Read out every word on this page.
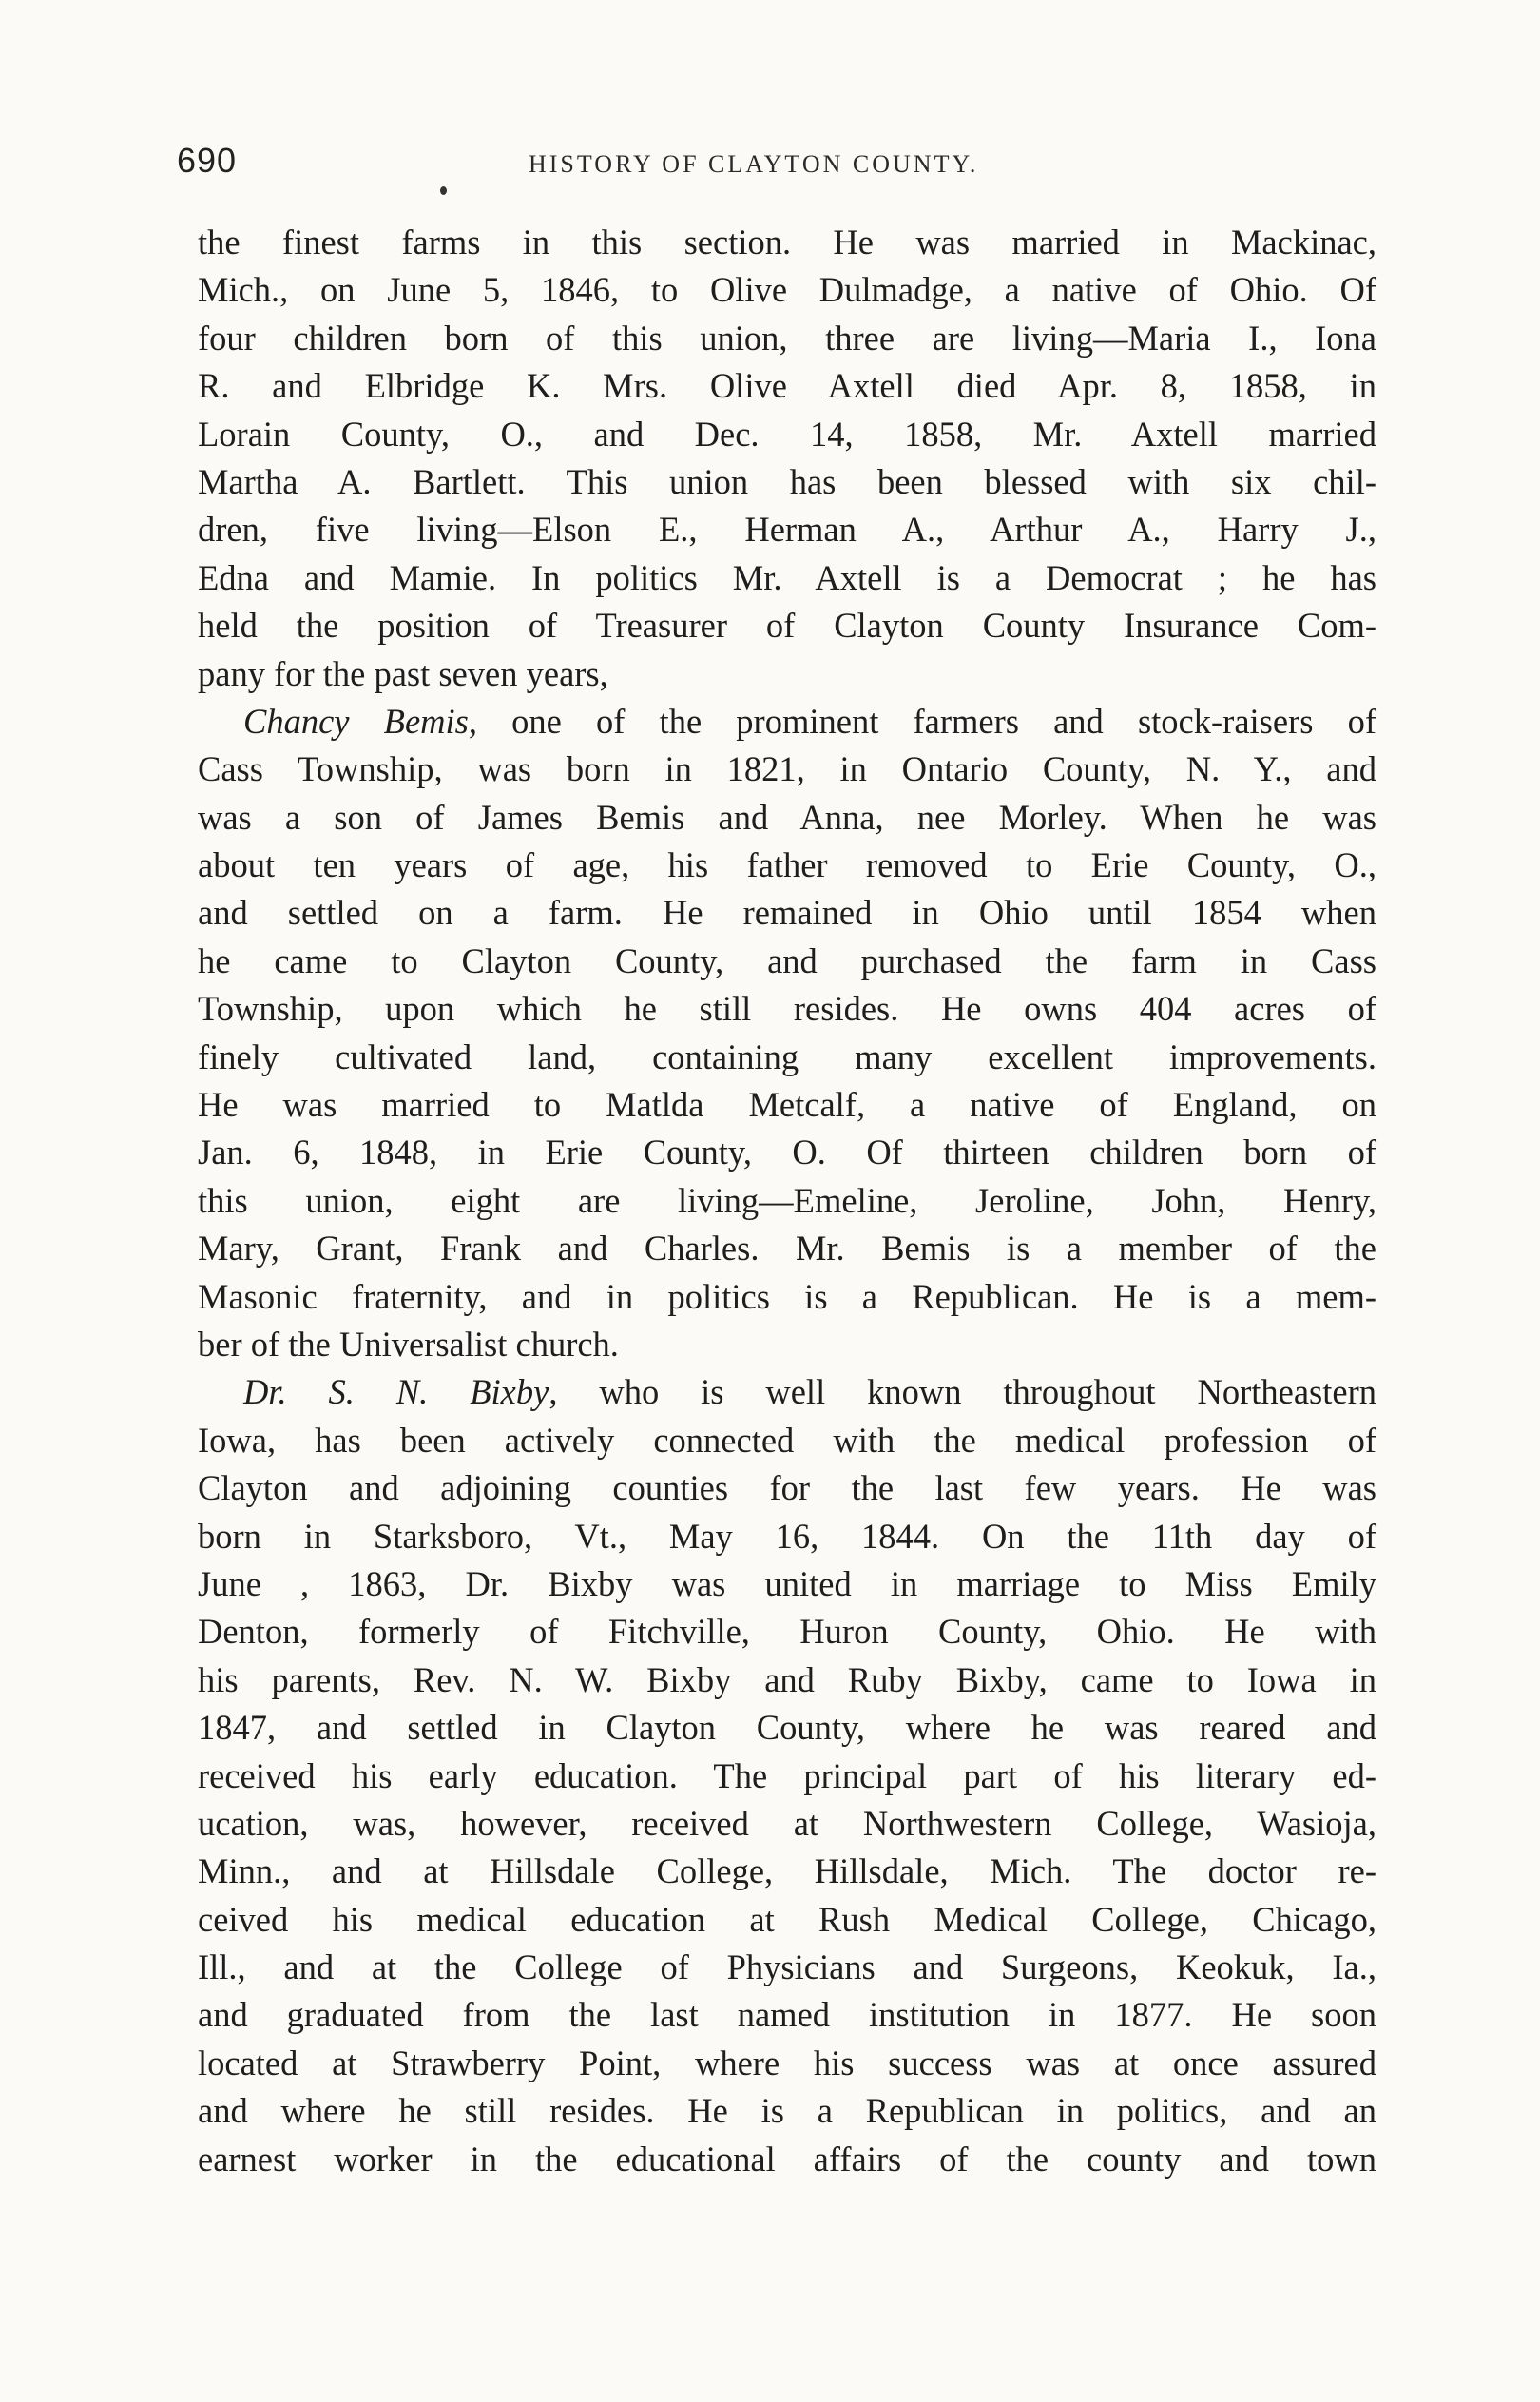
690	HISTORY OF CLAYTON COUNTY.
the finest farms in this section. He was married in Mackinac,
Mich., on June 5, 1846, to Olive Dulmadge, a native of Ohio. Of
four children born of this union, three are living—Maria I., Iona
R. and Elbridge K. Mrs. Olive Axtell died Apr. 8, 1858, in
Lorain County, O., and Dec. 14, 1858, Mr. Axtell married
Martha A. Bartlett. This union has been blessed with six chil-
dren, five living—Elson E., Herman A., Arthur A., Harry J.,
Edna and Mamie. In politics Mr. Axtell is a Democrat ; he has
held the position of Treasurer of Clayton County Insurance Com-
pany for the past seven years,
Chancy Bemis, one of the prominent farmers and stock-raisers of
Cass Township, was born in 1821, in Ontario County, N. Y., and
was a son of James Bemis and Anna, nee Morley. When he was
about ten years of age, his father removed to Erie County, O.,
and settled on a farm. He remained in Ohio until 1854 when
he came to Clayton County, and purchased the farm in Cass
Township, upon which he still resides. He owns 404 acres of
finely cultivated land, containing many excellent improvements.
He was married to Matlda Metcalf, a native of England, on
Jan. 6, 1848, in Erie County, O. Of thirteen children born of
this union, eight are living—Emeline, Jeroline, John, Henry,
Mary, Grant, Frank and Charles. Mr. Bemis is a member of the
Masonic fraternity, and in politics is a Republican. He is a mem-
ber of the Universalist church.
Dr. S. N. Bixby, who is well known throughout Northeastern
Iowa, has been actively connected with the medical profession of
Clayton and adjoining counties for the last few years. He was
born in Starksboro, Vt., May 16, 1844. On the 11th day of
June , 1863, Dr. Bixby was united in marriage to Miss Emily
Denton, formerly of Fitchville, Huron County, Ohio. He with
his parents, Rev. N. W. Bixby and Ruby Bixby, came to Iowa in
1847, and settled in Clayton County, where he was reared and
received his early education. The principal part of his literary ed-
ucation, was, however, received at Northwestern College, Wasioja,
Minn., and at Hillsdale College, Hillsdale, Mich. The doctor re-
ceived his medical education at Rush Medical College, Chicago,
Ill., and at the College of Physicians and Surgeons, Keokuk, Ia.,
and graduated from the last named institution in 1877. He soon
located at Strawberry Point, where his success was at once assured
and where he still resides. He is a Republican in politics, and an
earnest worker in the educational affairs of the county and town
